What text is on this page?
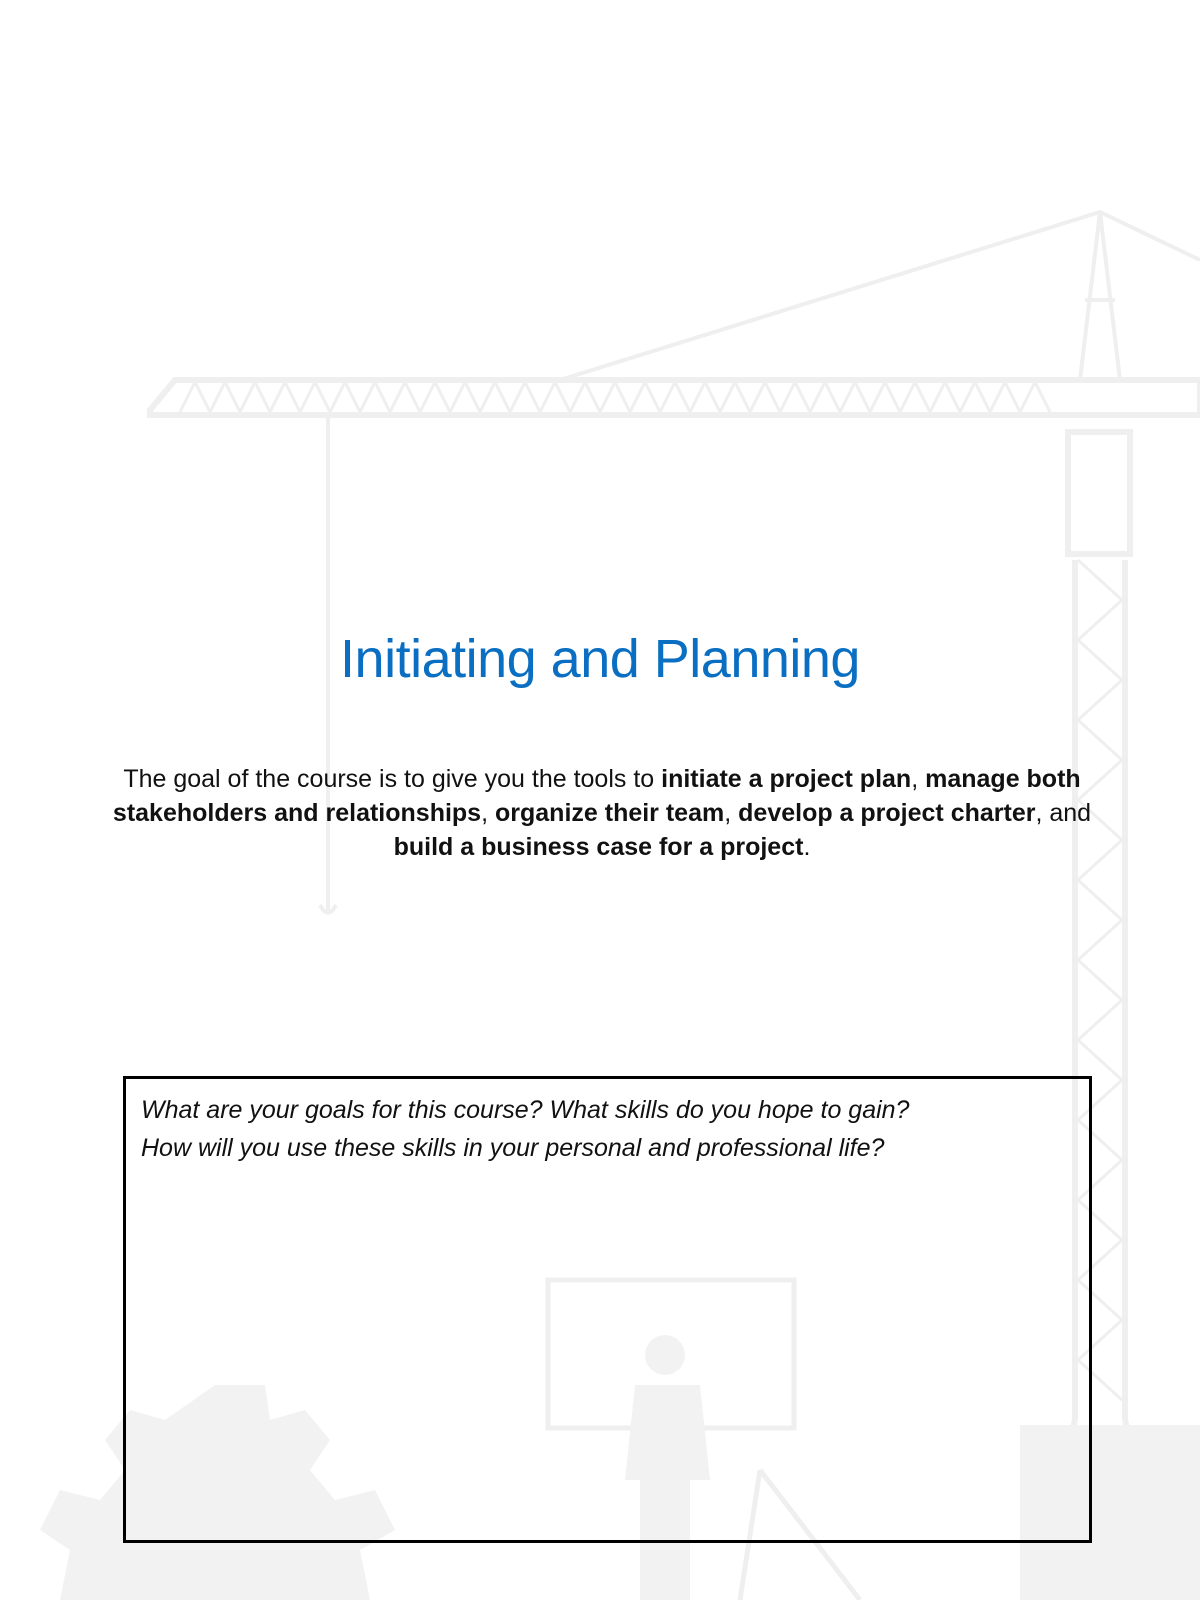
Initiating and Planning

The goal of the course is to give you the tools to initiate a project plan, manage both stakeholders and relationships, organize their team, develop a project charter, and build a business case for a project.

What are your goals for this course? What skills do you hope to gain?
How will you use these skills in your personal and professional life?
